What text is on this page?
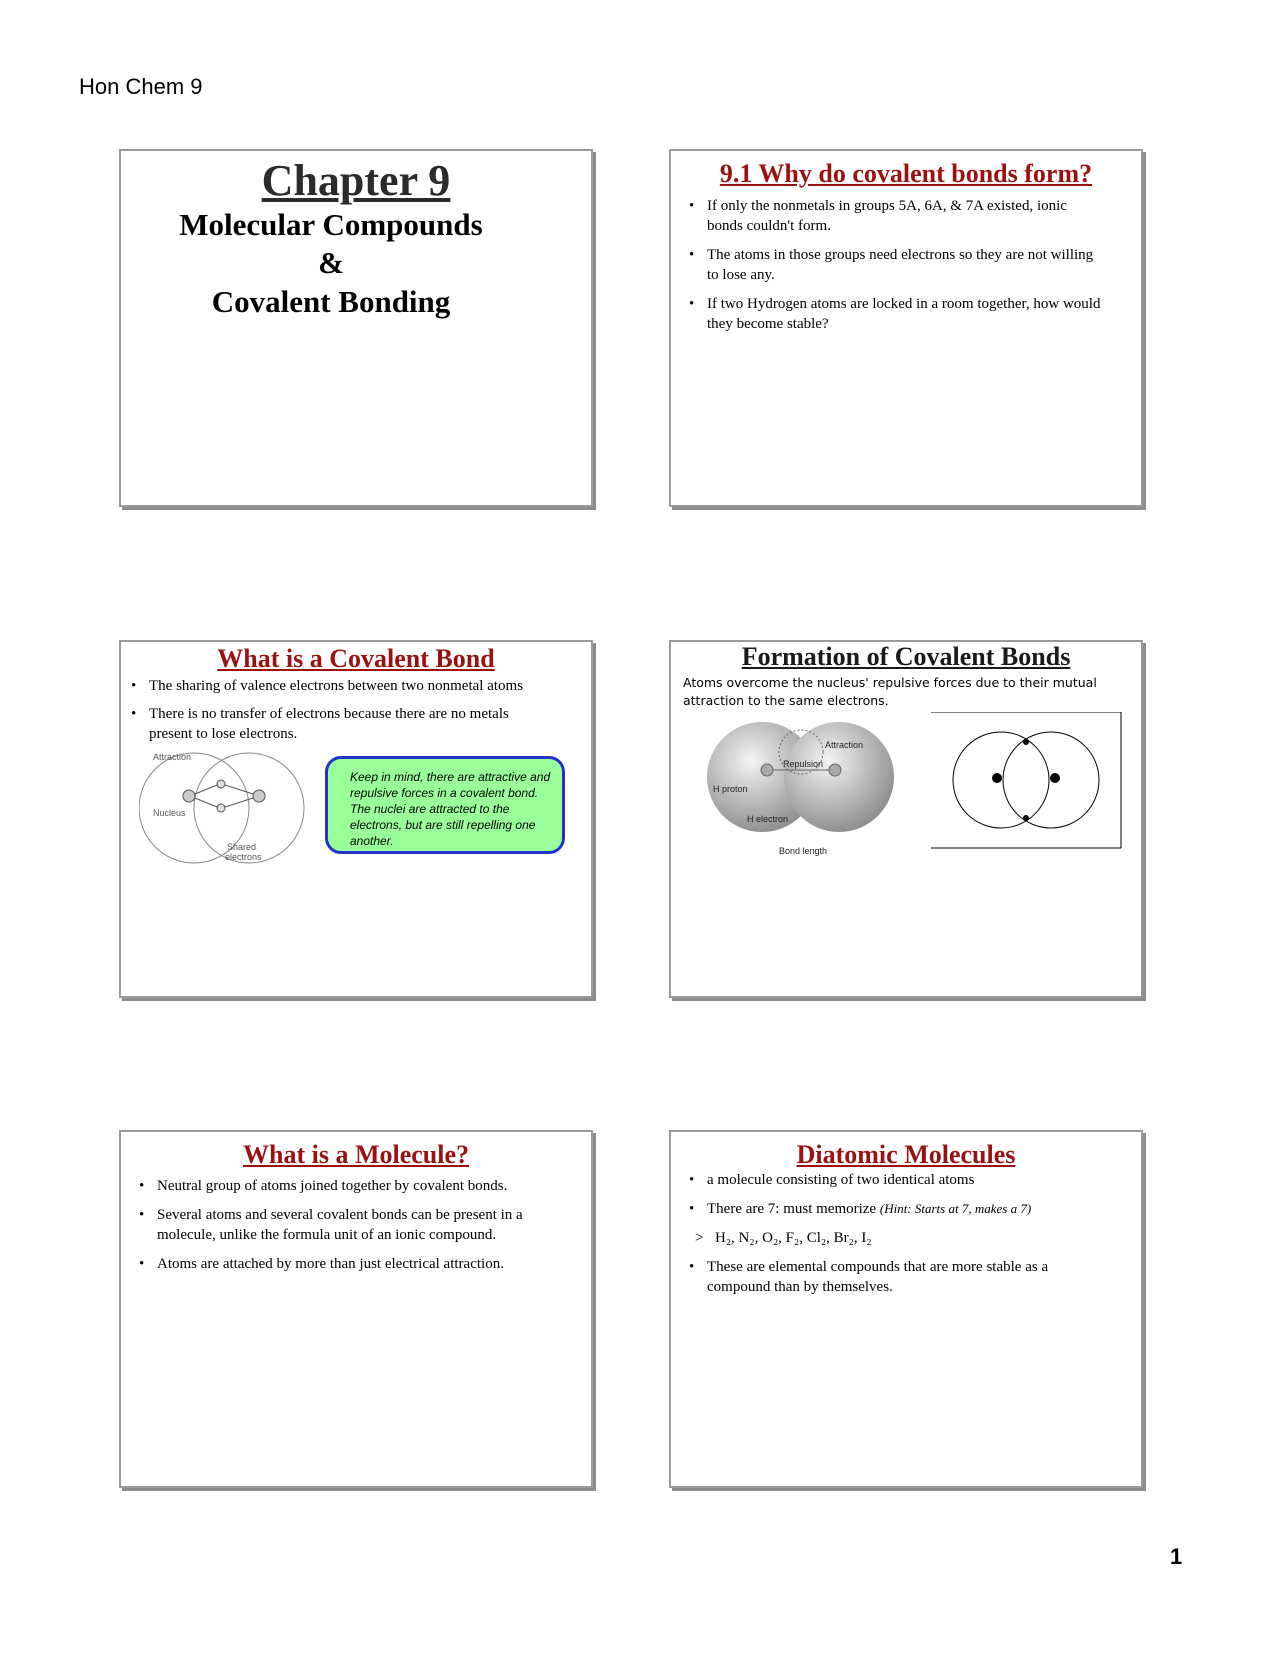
Hon Chem 9
Chapter 9
Molecular Compounds
&
Covalent Bonding
9.1 Why do covalent bonds form?
• If only the nonmetals in groups 5A, 6A, & 7A existed, ionic bonds couldn't form.
• The atoms in those groups need electrons so they are not willing to lose any.
• If two Hydrogen atoms are locked in a room together, how would they become stable?
What is a Covalent Bond
• The sharing of valence electrons between two nonmetal atoms
• There is no transfer of electrons because there are no metals present to lose electrons.
Attraction
Nucleus
Shared
electrons
Keep in mind, there are attractive and repulsive forces in a covalent bond. The nuclei are attracted to the electrons, but are still repelling one another.
Formation of Covalent Bonds
Atoms overcome the nucleus' repulsive forces due to their mutual attraction to the same electrons.
Attraction
Repulsion
H proton
H electron
Bond length
What is a Molecule?
• Neutral group of atoms joined together by covalent bonds.
• Several atoms and several covalent bonds can be present in a molecule, unlike the formula unit of an ionic compound.
• Atoms are attached by more than just electrical attraction.
Diatomic Molecules
• a molecule consisting of two identical atoms
• There are 7: must memorize (Hint: Starts at 7, makes a 7)
> H₂, N₂, O₂, F₂, Cl₂, Br₂, I₂
• These are elemental compounds that are more stable as a compound than by themselves.
1
